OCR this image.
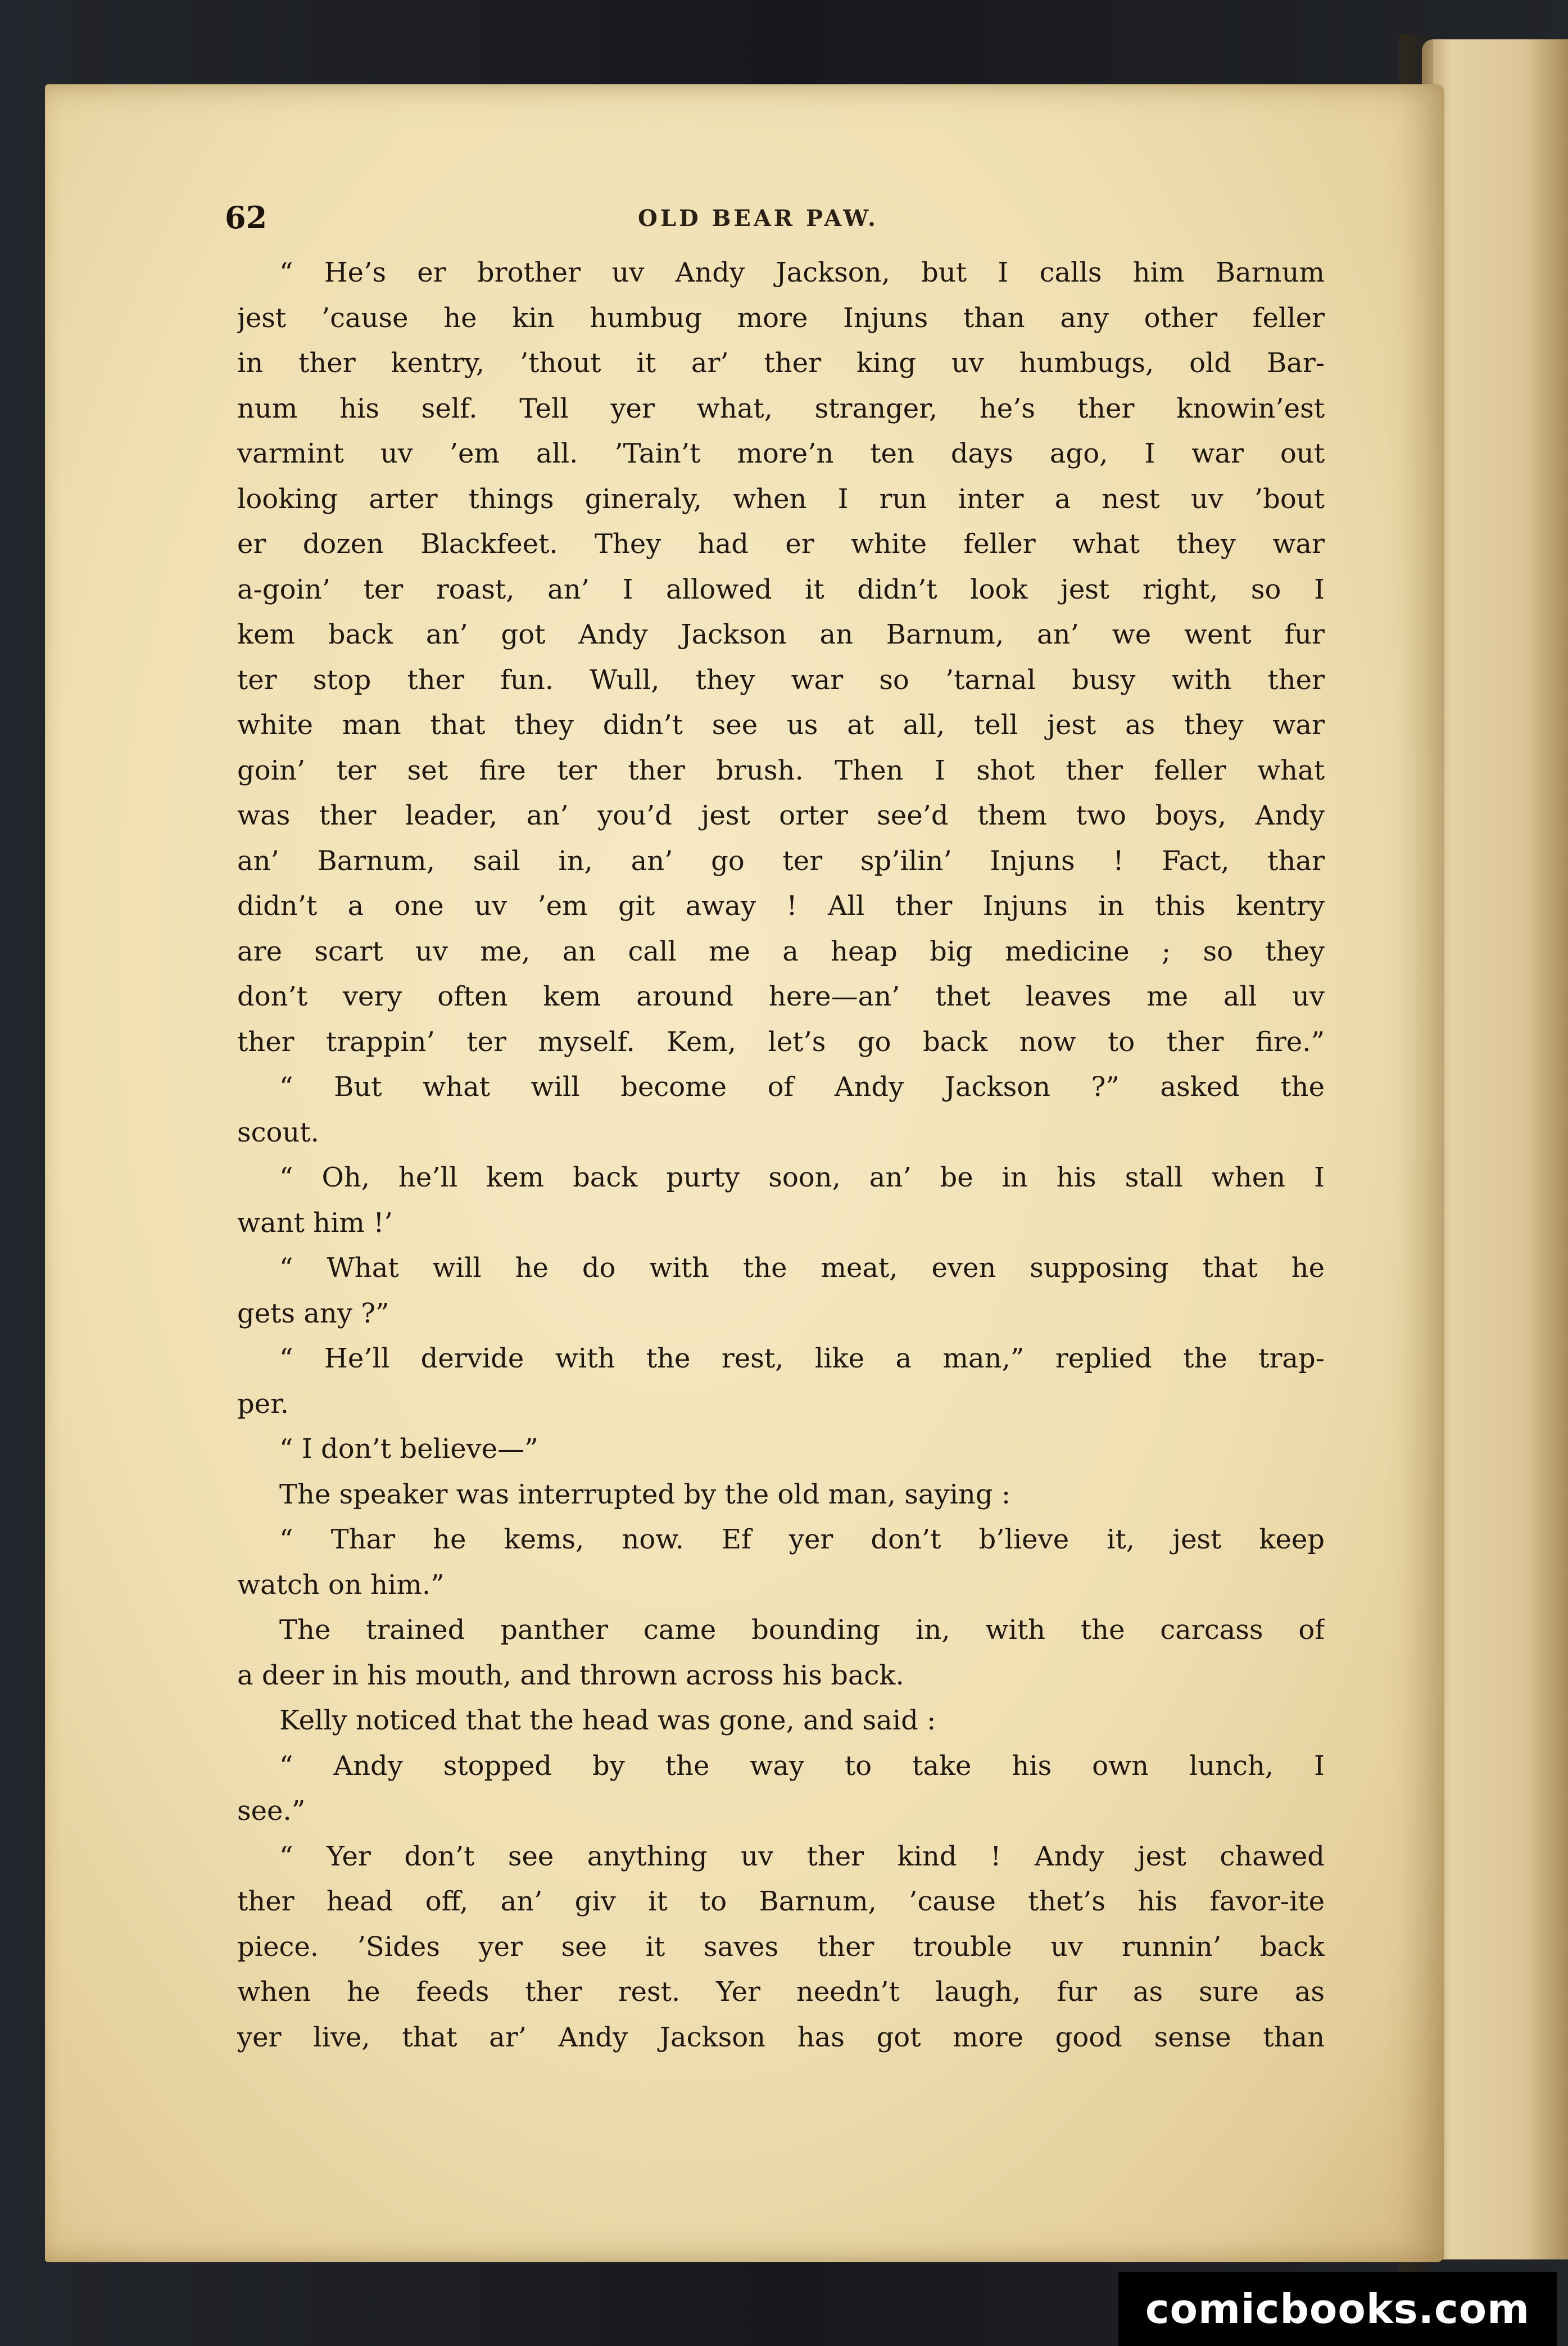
62	OLD BEAR PAW.
“ He’s er brother uv Andy Jackson, but I calls him Barnum
jest ’cause he kin humbug more Injuns than any other feller
in ther kentry, ’thout it ar’ ther king uv humbugs, old Bar-
num his self. Tell yer what, stranger, he’s ther knowin’est
varmint uv ’em all. ’Tain’t more’n ten days ago, I war out
looking arter things gineraly, when I run inter a nest uv ’bout
er dozen Blackfeet. They had er white feller what they war
a-goin’ ter roast, an’ I allowed it didn’t look jest right, so I
kem back an’ got Andy Jackson an Barnum, an’ we went fur
ter stop ther fun. Wull, they war so ’tarnal busy with ther
white man that they didn’t see us at all, tell jest as they war
goin’ ter set fire ter ther brush. Then I shot ther feller what
was ther leader, an’ you’d jest orter see’d them two boys, Andy
an’ Barnum, sail in, an’ go ter sp’ilin’ Injuns ! Fact, thar
didn’t a one uv ’em git away ! All ther Injuns in this kentry
are scart uv me, an call me a heap big medicine ; so they
don’t very often kem around here—an’ thet leaves me all uv
ther trappin’ ter myself. Kem, let’s go back now to ther fire.”
“ But what will become of Andy Jackson ?” asked the
scout.
“ Oh, he’ll kem back purty soon, an’ be in his stall when I
want him !’
“ What will he do with the meat, even supposing that he
gets any ?”
“ He’ll dervide with the rest, like a man,” replied the trap-
per.
“ I don’t believe—”
The speaker was interrupted by the old man, saying :
“ Thar he kems, now. Ef yer don’t b’lieve it, jest keep
watch on him.”
The trained panther came bounding in, with the carcass of
a deer in his mouth, and thrown across his back.
Kelly noticed that the head was gone, and said :
“ Andy stopped by the way to take his own lunch, I
see.”
“ Yer don’t see anything uv ther kind ! Andy jest chawed
ther head off, an’ giv it to Barnum, ’cause thet’s his favor-ite
piece. ’Sides yer see it saves ther trouble uv runnin’ back
when he feeds ther rest. Yer needn’t laugh, fur as sure as
yer live, that ar’ Andy Jackson has got more good sense than
comicbooks.com
